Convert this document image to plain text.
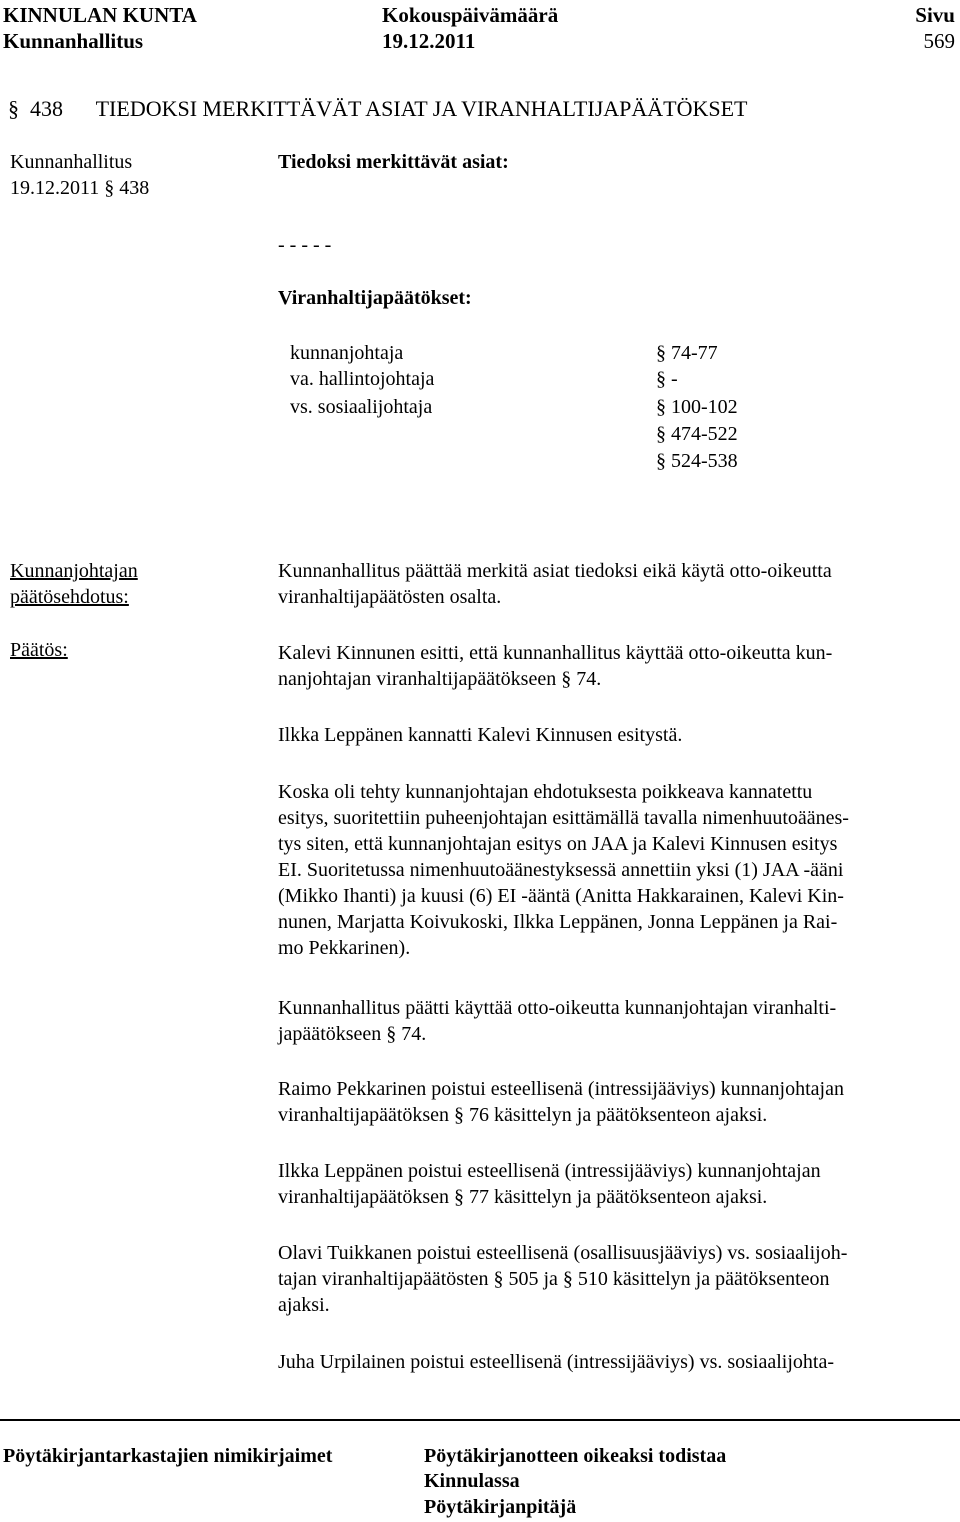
KINNULAN KUNTA
Kunnanhallitus
Kokouspäivämäärä
19.12.2011
Sivu
569
§ 438 TIEDOKSI MERKITTÄVÄT ASIAT JA VIRANHALTIJAPÄÄTÖKSET
Kunnanhallitus
19.12.2011 § 438
Tiedoksi merkittävät asiat:
- - - - -
Viranhaltijapäätökset:
kunnanjohtaja	§ 74-77
va. hallintojohtaja	§ -
vs. sosiaalijohtaja	§ 100-102
§ 474-522
§ 524-538
Kunnanjohtajan
päätösehdotus:
Kunnanhallitus päättää merkitä asiat tiedoksi eikä käytä otto-oikeutta
viranhaltijapäätösten osalta.
Päätös:	Kalevi Kinnunen esitti, että kunnanhallitus käyttää otto-oikeutta kun-
nanjohtajan viranhaltijapäätökseen § 74.
Ilkka Leppänen kannatti Kalevi Kinnusen esitystä.
Koska oli tehty kunnanjohtajan ehdotuksesta poikkeava kannatettu
esitys, suoritettiin puheenjohtajan esittämällä tavalla nimenhuutoäänes-
tys siten, että kunnanjohtajan esitys on JAA ja Kalevi Kinnusen esitys
EI. Suoritetussa nimenhuutoäänestyksessä annettiin yksi (1) JAA -ääni
(Mikko Ihanti) ja kuusi (6) EI -ääntä (Anitta Hakkarainen, Kalevi Kin-
nunen, Marjatta Koivukoski, Ilkka Leppänen, Jonna Leppänen ja Rai-
mo Pekkarinen).
Kunnanhallitus päätti käyttää otto-oikeutta kunnanjohtajan viranhalti-
japäätökseen § 74.
Raimo Pekkarinen poistui esteellisenä (intressijääviys) kunnanjohtajan
viranhaltijapäätöksen § 76 käsittelyn ja päätöksenteon ajaksi.
Ilkka Leppänen poistui esteellisenä (intressijääviys) kunnanjohtajan
viranhaltijapäätöksen § 77 käsittelyn ja päätöksenteon ajaksi.
Olavi Tuikkanen poistui esteellisenä (osallisuusjääviys) vs. sosiaalijoh-
tajan viranhaltijapäätösten § 505 ja § 510 käsittelyn ja päätöksenteon
ajaksi.
Juha Urpilainen poistui esteellisenä (intressijääviys) vs. sosiaalijohta-
Pöytäkirjantarkastajien nimikirjaimet	Pöytäkirjanotteen oikeaksi todistaa
Kinnulassa
Pöytäkirjanpitäjä
